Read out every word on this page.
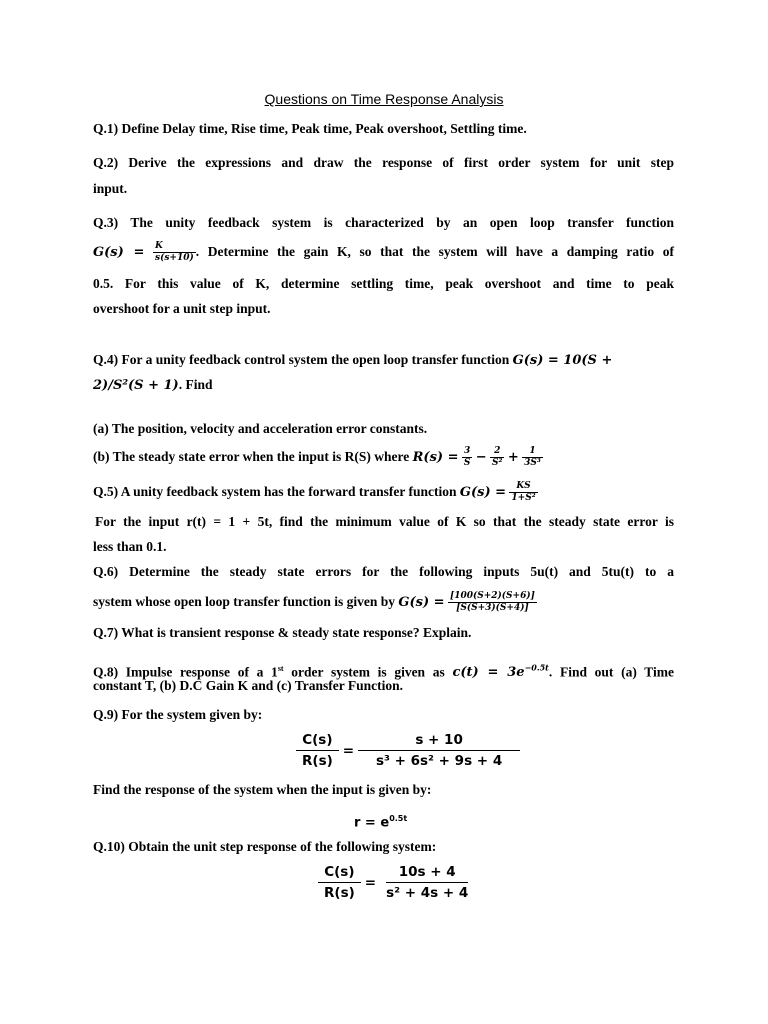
Questions on Time Response Analysis
Q.1) Define Delay time, Rise time, Peak time, Peak overshoot, Settling time.
Q.2) Derive the expressions and draw the response of first order system for unit step
input.
Q.3) The unity feedback system is characterized by an open loop transfer function
$G(s) = \frac{K}{s(s+10)}$ . Determine the gain K, so that the system will have a damping ratio of
0.5. For this value of K, determine settling time, peak overshoot and time to peak
overshoot for a unit step input.
Q.4) For a unity feedback control system the open loop transfer function G(s) = 10(S +
2)/S²(S + 1). Find
(a) The position, velocity and acceleration error constants.
(b) The steady state error when the input is R(S) where $R(s) = \frac{3}{S} - \frac{2}{\text{S²}} + \frac{1}{\text{3S³}}$
Q.5) A unity feedback system has the forward transfer function $G(s) = \frac{KS}{\text{1+S²}}$
For the input r(t) = 1 + 5t, find the minimum value of K so that the steady state error is
less than 0.1.
Q.6) Determine the steady state errors for the following inputs 5u(t) and 5tu(t) to a
system whose open loop transfer function is given by $G(s) = \frac{[100(S+2)(S+6)]}{[S(S+3)(S+4)]}$
Q.7) What is transient response & steady state response? Explain.
Q.8) Impulse response of a 1st order system is given as $c(t) = 3e^{-0.5t}$. Find out (a) Time
constant T, (b) D.C Gain K and (c) Transfer Function.
Q.9) For the system given by:
$\frac{C(s)}{R(s)} = \frac{s + 10}{\text{s³ + 6s² + 9s + 4}}$
Find the response of the system when the input is given by:
$r = e^{0.5t}$
Q.10) Obtain the unit step response of the following system:
$\frac{C(s)}{R(s)} = \frac{10s + 4}{\text{s² + 4s + 4}}$
